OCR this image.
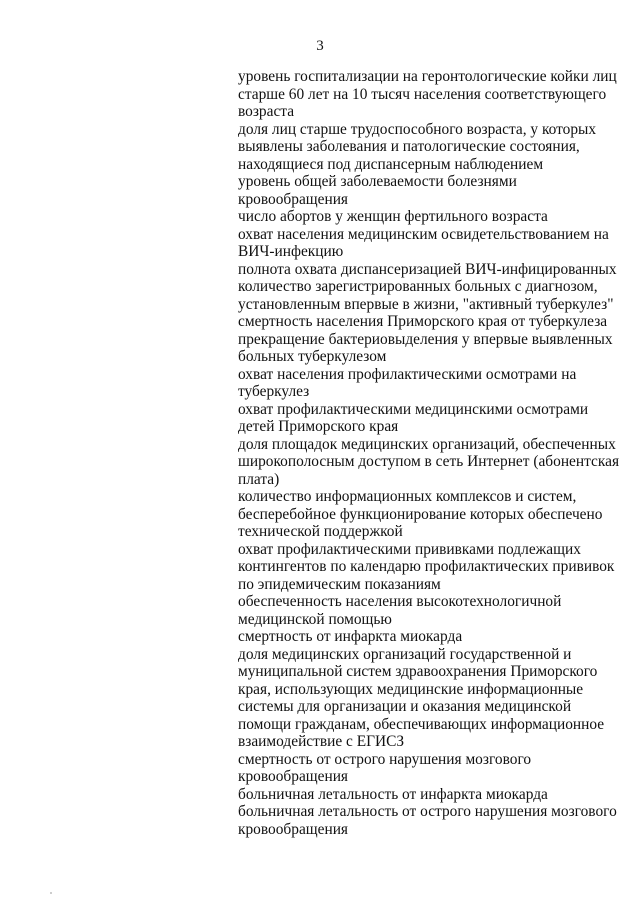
3
уровень госпитализации на геронтологические койки лиц
старше 60 лет на 10 тысяч населения соответствующего
возраста
доля лиц старше трудоспособного возраста, у которых
выявлены заболевания и патологические состояния,
находящиеся под диспансерным наблюдением
уровень общей заболеваемости болезнями
кровообращения
число абортов у женщин фертильного возраста
охват населения медицинским освидетельствованием на
ВИЧ-инфекцию
полнота охвата диспансеризацией ВИЧ-инфицированных
количество зарегистрированных больных с диагнозом,
установленным впервые в жизни, "активный туберкулез"
смертность населения Приморского края от туберкулеза
прекращение бактериовыделения у впервые выявленных
больных туберкулезом
охват населения профилактическими осмотрами на
туберкулез
охват профилактическими медицинскими осмотрами
детей Приморского края
доля площадок медицинских организаций, обеспеченных
широкополосным доступом в сеть Интернет (абонентская
плата)
количество информационных комплексов и систем,
бесперебойное функционирование которых обеспечено
технической поддержкой
охват профилактическими прививками подлежащих
контингентов по календарю профилактических прививок
по эпидемическим показаниям
обеспеченность населения высокотехнологичной
медицинской помощью
смертность от инфаркта миокарда
доля медицинских организаций государственной и
муниципальной систем здравоохранения Приморского
края, использующих медицинские информационные
системы для организации и оказания медицинской
помощи гражданам, обеспечивающих информационное
взаимодействие с ЕГИСЗ
смертность от острого нарушения мозгового
кровообращения
больничная летальность от инфаркта миокарда
больничная летальность от острого нарушения мозгового
кровообращения
